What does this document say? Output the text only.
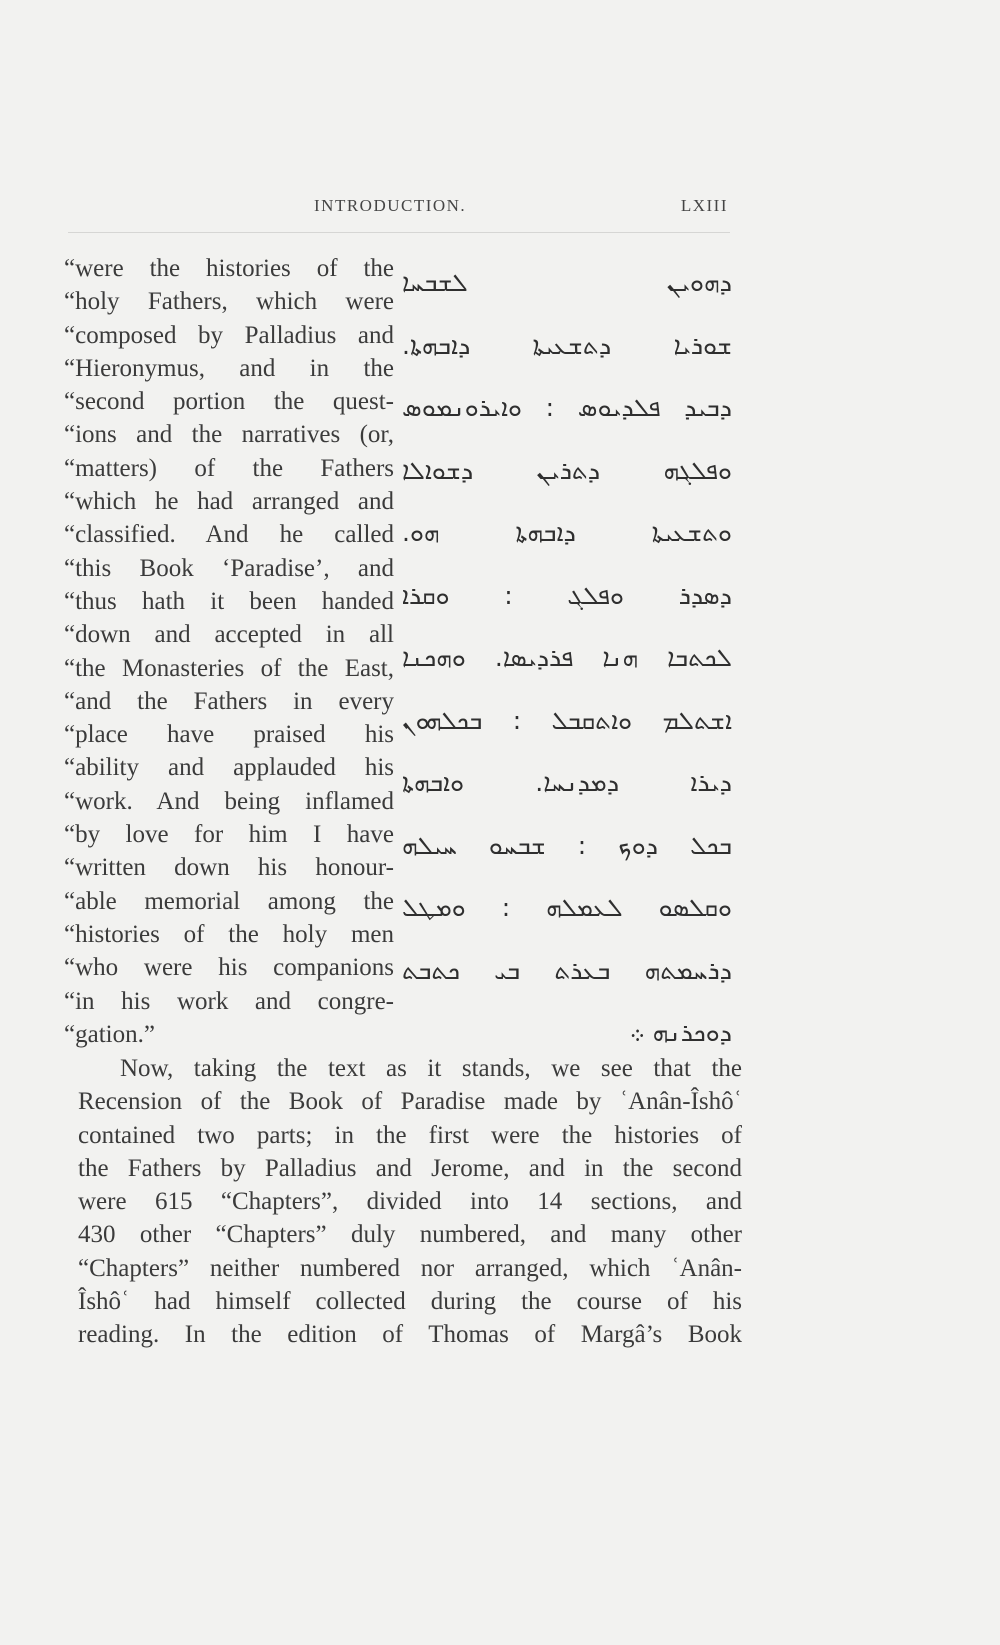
INTRODUCTION.	LXIII
“were the histories of the
“holy Fathers, which were
“composed by Palladius and
“Hieronymus, and in the
“second portion the quest-
“ions and the narratives (or,
“matters) of the Fathers
“which he had arranged and
“classified. And he called
“this Book ‘Paradise’, and
“thus hath it been handed
“down and accepted in all
“the Monasteries of the East,
“and the Fathers in every
“place have praised his
“ability and applauded his
“work. And being inflamed
“by love for him I have
“written down his honour-
“able memorial among the
“histories of the holy men
“who were his companions
“in his work and congre-
“gation.”
ܕܗܘܝܢ ܠܫܒܚܐ
ܫܘܪܝܐ ܕܬܫܥܝܬܐ ܕܐܒܗܬܐ.
ܕܒܝܕ ܦܠܕܝܘܣ : ܘܐܝܪܘܢܡܘܣ
ܘܦܠܓܗ ܕܬܪܝܢ ܕܫܘܐܠܐ
ܘܬܫܥܝܬܐ ܕܐܒܗܬܐ ܗܘ.
ܕܣܕܪ ܘܦܠܓ : ܘܩܪܐ
ܠܟܬܒܐ ܗܢܐ ܦܪܕܝܣܐ. ܘܗܟܢܐ
ܐܫܬܠܡ ܘܐܬܩܒܠ : ܒܟܠܗܘܢ
ܕܝܪܐ ܕܡܕܢܚܐ. ܘܐܒܗܬܐ
ܒܟܠ ܕܘܟ : ܫܒܚܘ ܚܝܠܗ
ܘܩܠܣܘ ܠܥܡܠܗ : ܘܡܛܠ
ܕܪܚܡܬܗ ܒܥܪܬ ܒܝ ܟܬܒܬ
ܕܘܟܪܢܗ ܀
Now, taking the text as it stands, we see that the
Recension of the Book of Paradise made by ʿAnân-Îshôʿ
contained two parts; in the first were the histories of
the Fathers by Palladius and Jerome, and in the second
were 615 “Chapters”, divided into 14 sections, and
430 other “Chapters” duly numbered, and many other
“Chapters” neither numbered nor arranged, which ʿAnân-
Îshôʿ had himself collected during the course of his
reading. In the edition of Thomas of Margâ’s Book
